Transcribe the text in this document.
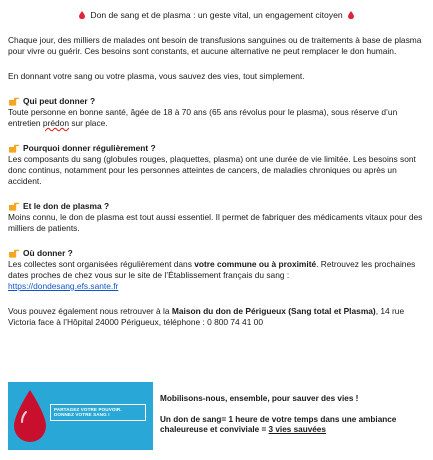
Don de sang et de plasma : un geste vital, un engagement citoyen
Chaque jour, des milliers de malades ont besoin de transfusions sanguines ou de traitements à base de plasma pour vivre ou guérir. Ces besoins sont constants, et aucune alternative ne peut remplacer le don humain.
En donnant votre sang ou votre plasma, vous sauvez des vies, tout simplement.
Qui peut donner ?
Toute personne en bonne santé, âgée de 18 à 70 ans (65 ans révolus pour le plasma), sous réserve d’un entretien prédon sur place.
Pourquoi donner régulièrement ?
Les composants du sang (globules rouges, plaquettes, plasma) ont une durée de vie limitée. Les besoins sont donc continus, notamment pour les personnes atteintes de cancers, de maladies chroniques ou après un accident.
Et le don de plasma ?
Moins connu, le don de plasma est tout aussi essentiel. Il permet de fabriquer des médicaments vitaux pour des milliers de patients.
Où donner ?
Les collectes sont organisées régulièrement dans votre commune ou à proximité. Retrouvez les prochaines dates proches de chez vous sur le site de l’Établissement français du sang :
https://dondesang.efs.sante.fr
Vous pouvez également nous retrouver à la Maison du don de Périgueux (Sang total et Plasma), 14 rue Victoria face à l’Hôpital 24000 Périgueux, téléphone : 0 800 74 41 00
PARTAGEZ VOTRE POUVOIR.
DONNEZ VOTRE SANG !
Mobilisons-nous, ensemble, pour sauver des vies !
Un don de sang= 1 heure de votre temps dans une ambiance chaleureuse et conviviale = 3 vies sauvées
